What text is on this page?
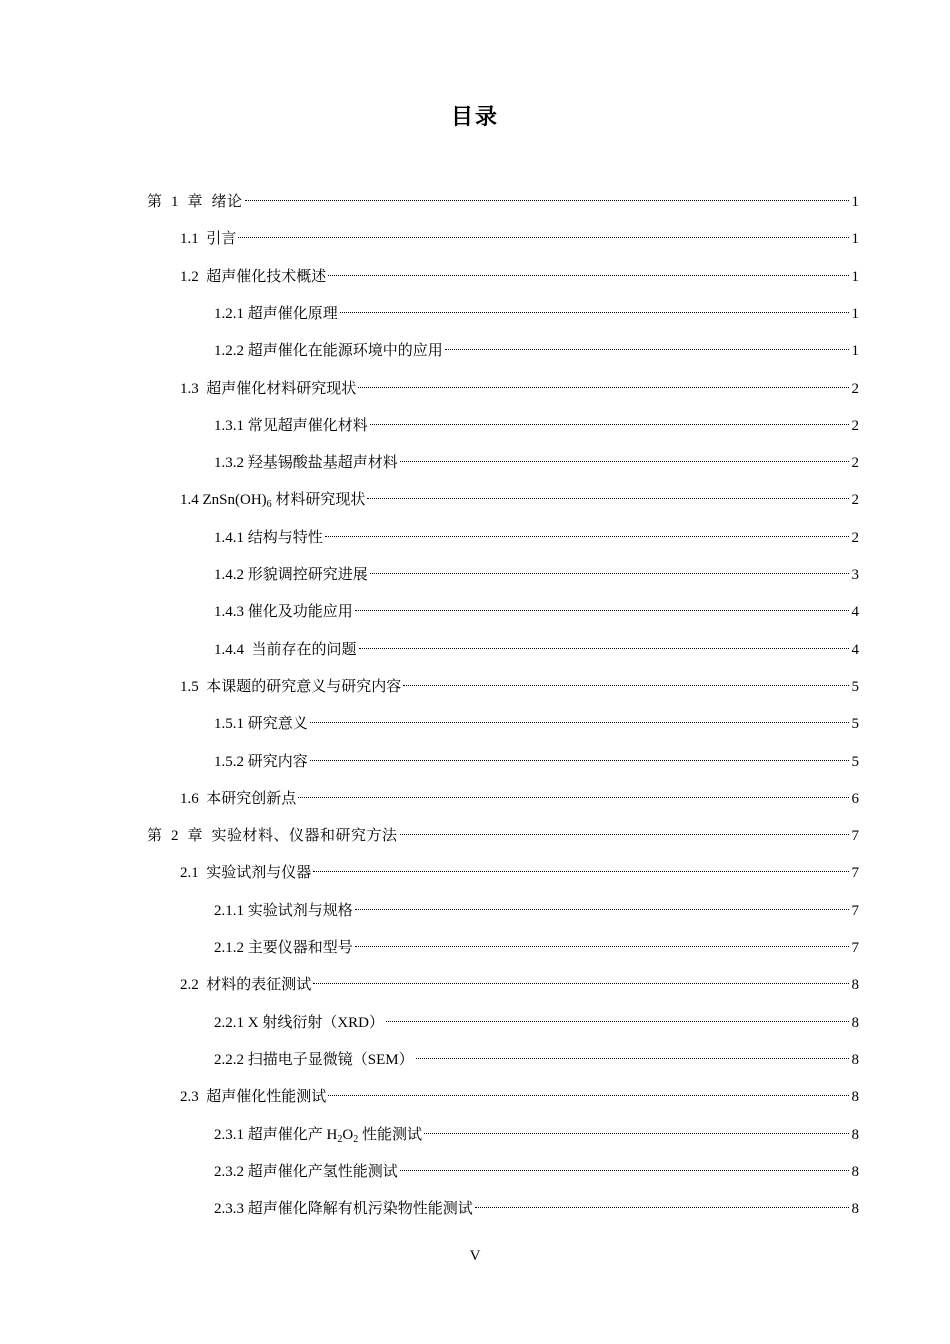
目录
第  1  章  绪论	1
1.1  引言	1
1.2  超声催化技术概述	1
1.2.1 超声催化原理	1
1.2.2 超声催化在能源环境中的应用	1
1.3  超声催化材料研究现状	2
1.3.1 常见超声催化材料	2
1.3.2 羟基锡酸盐基超声材料	2
1.4 $ZnSn(OH)_6$ 材料研究现状	2
1.4.1 结构与特性	2
1.4.2 形貌调控研究进展	3
1.4.3 催化及功能应用	4
1.4.4  当前存在的问题	4
1.5  本课题的研究意义与研究内容	5
1.5.1 研究意义	5
1.5.2 研究内容	5
1.6  本研究创新点	6
第  2  章  实验材料、仪器和研究方法	7
2.1  实验试剂与仪器	7
2.1.1 实验试剂与规格	7
2.1.2 主要仪器和型号	7
2.2  材料的表征测试	8
2.2.1 X 射线衍射（XRD）	8
2.2.2 扫描电子显微镜（SEM）	8
2.3  超声催化性能测试	8
2.3.1 超声催化产 $H_2O_2$ 性能测试	8
2.3.2 超声催化产氢性能测试	8
2.3.3 超声催化降解有机污染物性能测试	8
V
